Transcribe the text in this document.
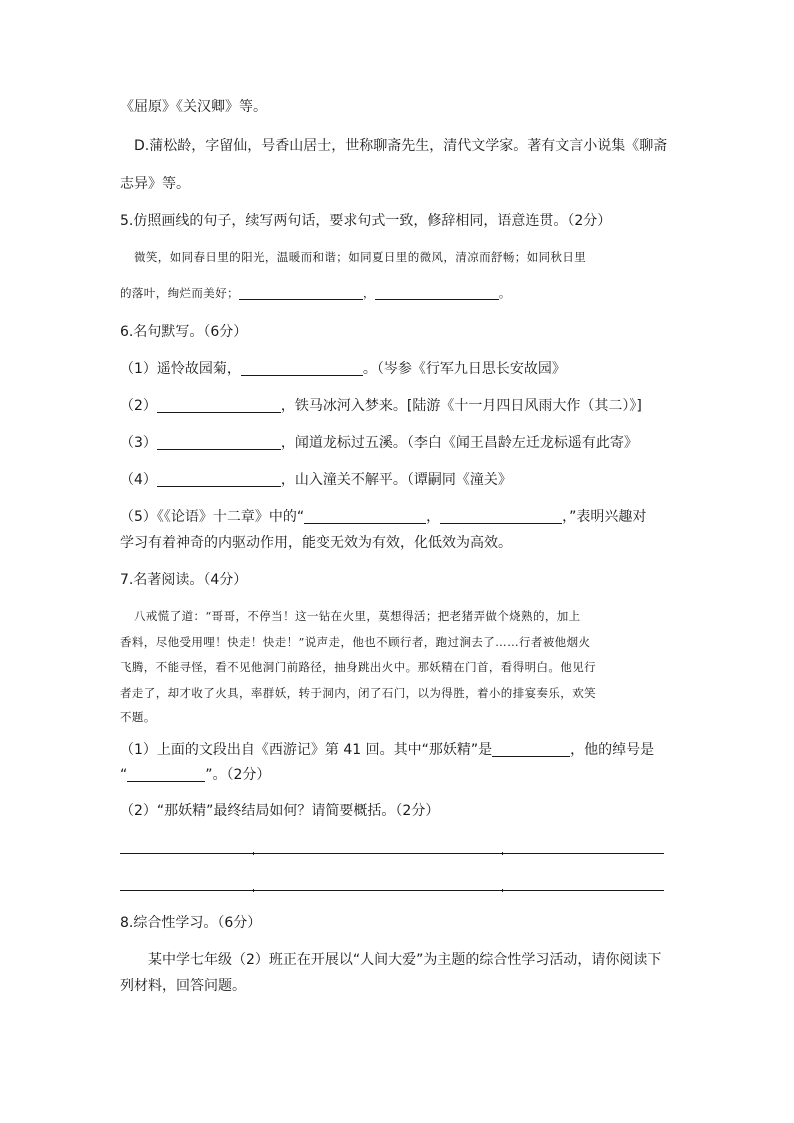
《屈原》《关汉卿》等。
D.蒲松龄，字留仙，号香山居士，世称聊斋先生，清代文学家。著有文言小说集《聊斋
志异》等。
5.仿照画线的句子，续写两句话，要求句式一致，修辞相同，语意连贯。（2分）
微笑，如同春日里的阳光，温暖而和谐；如同夏日里的微风，清凉而舒畅；如同秋日里
的落叶，绚烂而美好；	，	。
6.名句默写。（6分）
（1）遥怜故园菊，	。（岑参《行军九日思长安故园》
（2）	，铁马冰河入梦来。[陆游《十一月四日风雨大作（其二）》]
（3）	，闻道龙标过五溪。（李白《闻王昌龄左迁龙标遥有此寄》
（4）	，山入潼关不解平。（谭嗣同《潼关》
（5）《《论语》十二章》中的“	，	，”表明兴趣对
学习有着神奇的内驱动作用，能变无效为有效，化低效为高效。
7.名著阅读。（4分）
八戒慌了道：“哥哥，不停当！这一钻在火里，莫想得活；把老猪弄做个烧熟的，加上
香料，尽他受用哩！快走！快走！”说声走，他也不顾行者，跑过涧去了……行者被他烟火
飞腾，不能寻怪，看不见他洞门前路径，抽身跳出火中。那妖精在门首，看得明白。他见行
者走了，却才收了火具，率群妖，转于洞内，闭了石门，以为得胜，着小的排宴奏乐，欢笑
不题。
（1）上面的文段出自《西游记》第 41 回。其中“那妖精”是	，他的绰号是
“	”。（2分）
（2）“那妖精”最终结局如何？请简要概括。（2分）
8.综合性学习。（6分）
某中学七年级（2）班正在开展以“人间大爱”为主题的综合性学习活动，请你阅读下
列材料，回答问题。
